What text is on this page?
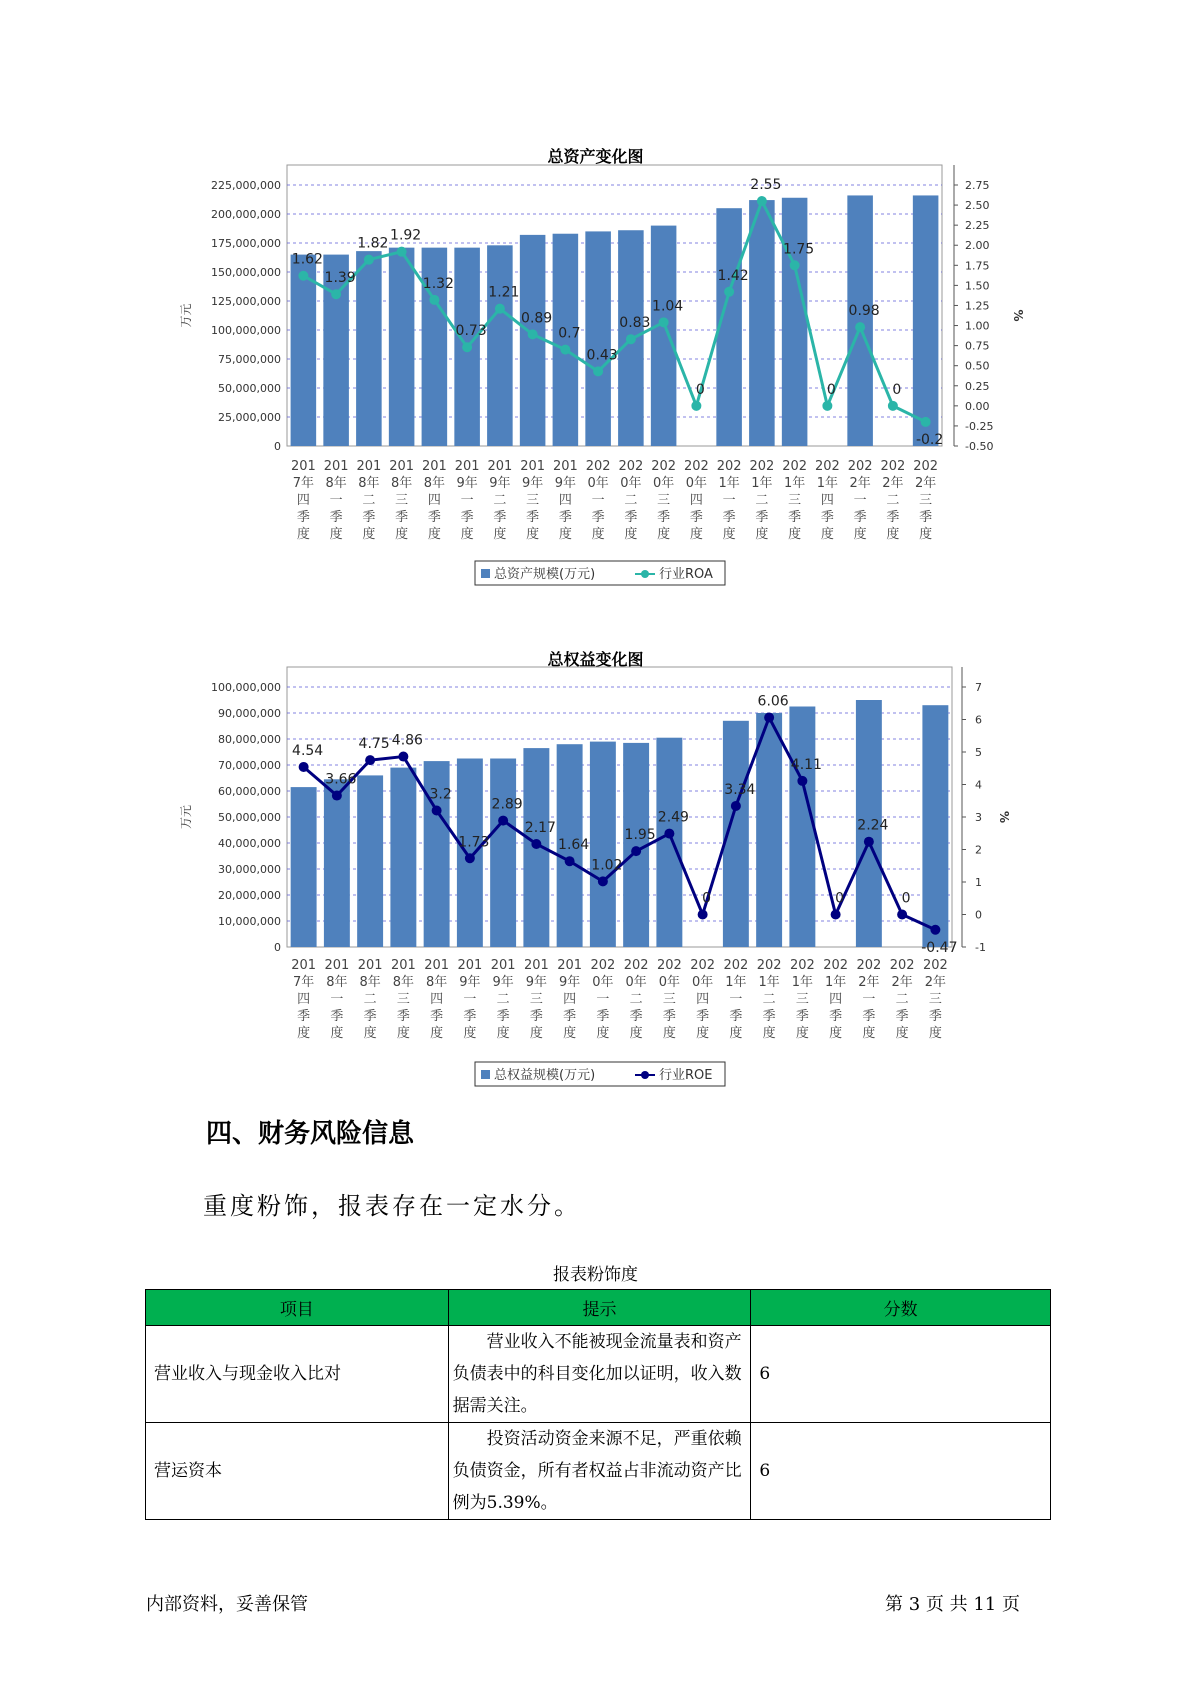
总资产变化图
0
25,000,000
50,000,000
75,000,000
100,000,000
125,000,000
150,000,000
175,000,000
200,000,000
225,000,000
-0.50
-0.25
0.00
0.25
0.50
0.75
1.00
1.25
1.50
1.75
2.00
2.25
2.50
2.75
万元	%
1.62
1.39
1.82
1.92
1.32
0.73
1.21
0.89
0.7
0.43
0.83
1.04
0
1.42
2.55
1.75
0
0.98
0
-0.2
201
7年
四
季
度
201
8年
一
季
度
201
8年
二
季
度
201
8年
三
季
度
201
8年
四
季
度
201
9年
一
季
度
201
9年
二
季
度
201
9年
三
季
度
201
9年
四
季
度
202
0年
一
季
度
202
0年
二
季
度
202
0年
三
季
度
202
0年
四
季
度
202
1年
一
季
度
202
1年
二
季
度
202
1年
三
季
度
202
1年
四
季
度
202
2年
一
季
度
202
2年
二
季
度
202
2年
三
季
度
总资产规模(万元)	行业ROA
总权益变化图
0
10,000,000
20,000,000
30,000,000
40,000,000
50,000,000
60,000,000
70,000,000
80,000,000
90,000,000
100,000,000
-1
0
1
2
3
4
5
6
7
万元	%
4.54
3.66
4.75 4.86
3.2
1.73
2.89
2.17
1.64
1.02
1.95
2.49
0
3.34
6.06
4.11
0
2.24
0
-0.47
201
7年
四
季
度
201
8年
一
季
度
201
8年
二
季
度
201
8年
三
季
度
201
8年
四
季
度
201
9年
一
季
度
201
9年
二
季
度
201
9年
三
季
度
201
9年
四
季
度
202
0年
一
季
度
202
0年
二
季
度
202
0年
三
季
度
202
0年
四
季
度
202
1年
一
季
度
202
1年
二
季
度
202
1年
三
季
度
202
1年
四
季
度
202
2年
一
季
度
202
2年
二
季
度
202
2年
三
季
度
总权益规模(万元)	行业ROE
四、财务风险信息
重度粉饰，报表存在一定水分。
报表粉饰度
项目	提示	分数
营业收入与现金收入比对	营业收入不能被现金流量表和资产负债表中的科目变化加以证明，收入数据需关注。	6
营运资本	投资活动资金来源不足，严重依赖负债资金，所有者权益占非流动资产比例为5.39%。	6
内部资料，妥善保管	第 3 页 共 11 页
